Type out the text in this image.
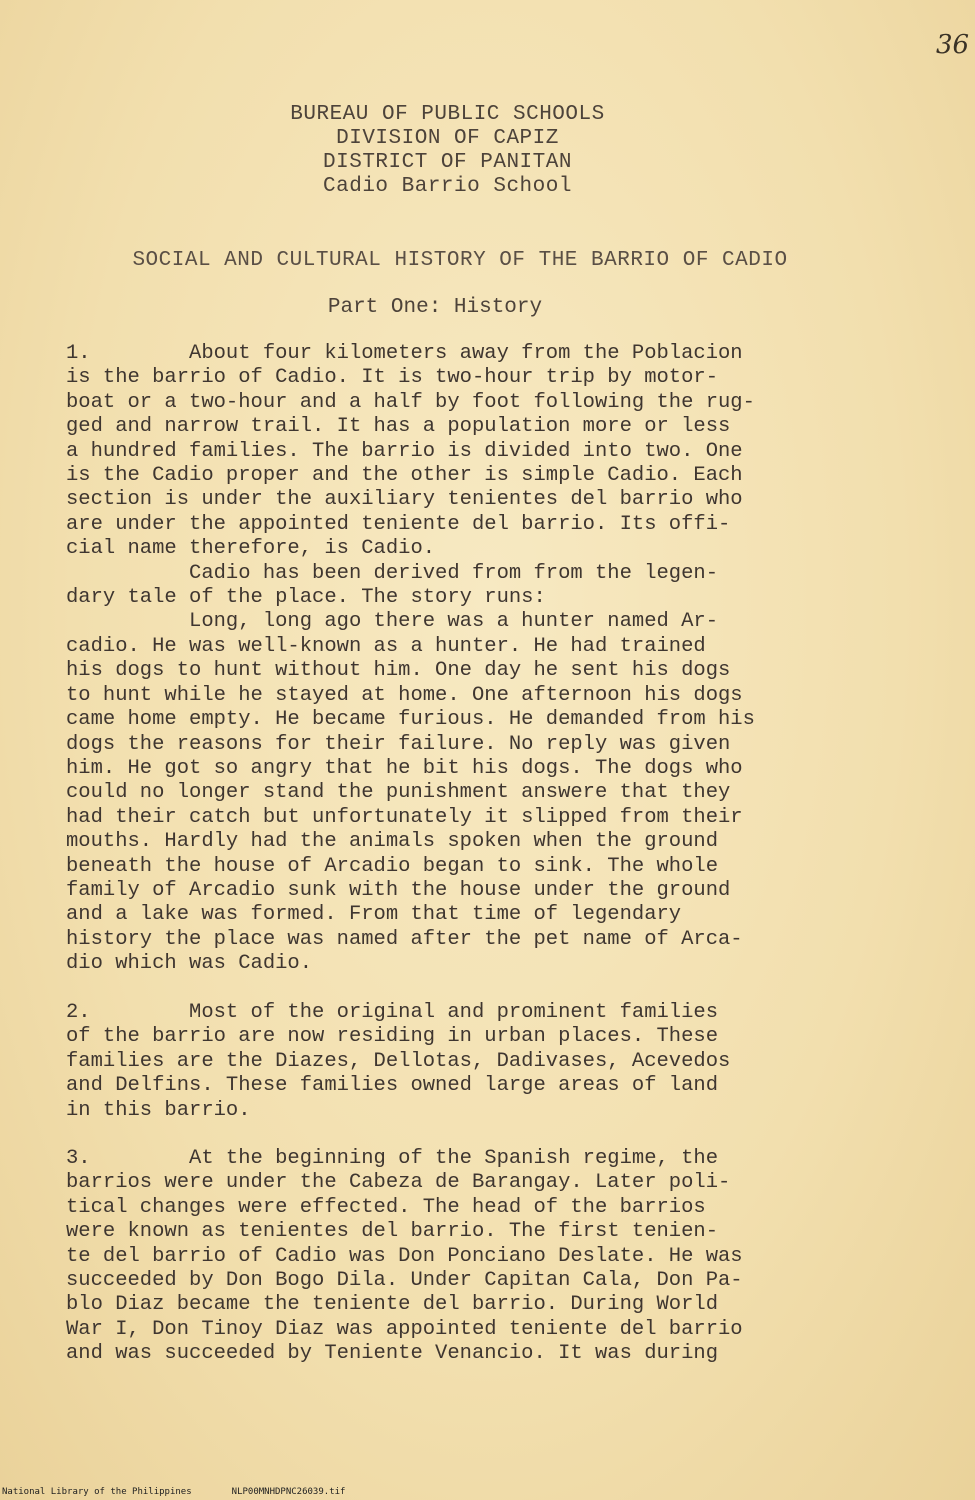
36
BUREAU OF PUBLIC SCHOOLS
DIVISION OF CAPIZ
DISTRICT OF PANITAN
Cadio Barrio School
SOCIAL AND CULTURAL HISTORY OF THE BARRIO OF CADIO
Part One: History
1.        About four kilometers away from the Poblacion
is the barrio of Cadio. It is two-hour trip by motor-
boat or a two-hour and a half by foot following the rug-
ged and narrow trail. It has a population more or less
a hundred families. The barrio is divided into two. One
is the Cadio proper and the other is simple Cadio. Each
section is under the auxiliary tenientes del barrio who
are under the appointed teniente del barrio. Its offi-
cial name therefore, is Cadio.
Cadio has been derived from from the legen-
dary tale of the place. The story runs:
Long, long ago there was a hunter named Ar-
cadio. He was well-known as a hunter. He had trained
his dogs to hunt without him. One day he sent his dogs
to hunt while he stayed at home. One afternoon his dogs
came home empty. He became furious. He demanded from his
dogs the reasons for their failure. No reply was given
him. He got so angry that he bit his dogs. The dogs who
could no longer stand the punishment answere that they
had their catch but unfortunately it slipped from their
mouths. Hardly had the animals spoken when the ground
beneath the house of Arcadio began to sink. The whole
family of Arcadio sunk with the house under the ground
and a lake was formed. From that time of legendary
history the place was named after the pet name of Arca-
dio which was Cadio.
2.        Most of the original and prominent families
of the barrio are now residing in urban places. These
families are the Diazes, Dellotas, Dadivases, Acevedos
and Delfins. These families owned large areas of land
in this barrio.
3.        At the beginning of the Spanish regime, the
barrios were under the Cabeza de Barangay. Later poli-
tical changes were effected. The head of the barrios
were known as tenientes del barrio. The first tenien-
te del barrio of Cadio was Don Ponciano Deslate. He was
succeeded by Don Bogo Dila. Under Capitan Cala, Don Pa-
blo Diaz became the teniente del barrio. During World
War I, Don Tinoy Diaz was appointed teniente del barrio
and was succeeded by Teniente Venancio. It was during
National Library of the Philippines	NLP00MNHDPNC26039.tif
